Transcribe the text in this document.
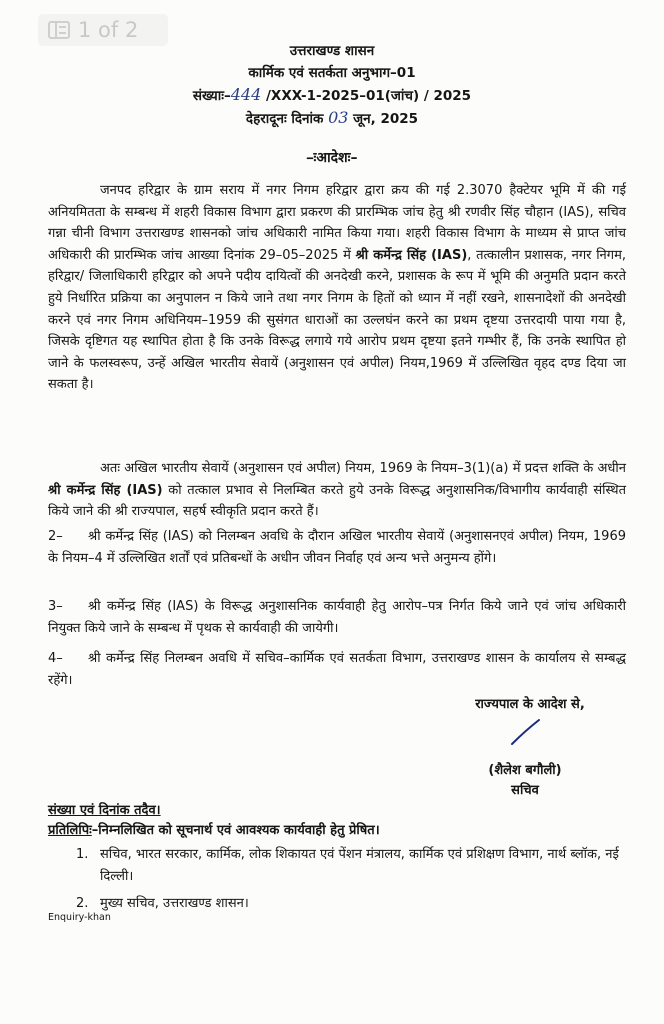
1 of 2
उत्तराखण्ड शासन
कार्मिक एवं सतर्कता अनुभाग–01
संख्याः–444 /XXX-1-2025–01(जांच) / 2025
देहरादूनः दिनांक 03 जून, 2025
–ःआदेशः–
जनपद हरिद्वार के ग्राम सराय में नगर निगम हरिद्वार द्वारा क्रय की गई 2.3070 हैक्टेयर भूमि में की गई अनियमितता के सम्बन्ध में शहरी विकास विभाग द्वारा प्रकरण की प्रारम्भिक जांच हेतु श्री रणवीर सिंह चौहान (IAS), सचिव गन्ना चीनी विभाग उत्तराखण्ड शासनको जांच अधिकारी नामित किया गया। शहरी विकास विभाग के माध्यम से प्राप्त जांच अधिकारी की प्रारम्भिक जांच आख्या दिनांक 29–05–2025 में श्री कर्मेन्द्र सिंह (IAS), तत्कालीन प्रशासक, नगर निगम, हरिद्वार/ जिलाधिकारी हरिद्वार को अपने पदीय दायित्वों की अनदेखी करने, प्रशासक के रूप में भूमि की अनुमति प्रदान करते हुये निर्धारित प्रक्रिया का अनुपालन न किये जाने तथा नगर निगम के हितों को ध्यान में नहीं रखने, शासनादेशों की अनदेखी करने एवं नगर निगम अधिनियम–1959 की सुसंगत धाराओं का उल्लघंन करने का प्रथम दृष्टया उत्तरदायी पाया गया है, जिसके दृष्टिगत यह स्थापित होता है कि उनके विरूद्ध लगाये गये आरोप प्रथम दृष्टया इतने गम्भीर हैं, कि उनके स्थापित हो जाने के फलस्वरूप, उन्हें अखिल भारतीय सेवायें (अनुशासन एवं अपील) नियम,1969 में उल्लिखित वृहद दण्ड दिया जा सकता है।
अतः अखिल भारतीय सेवायें (अनुशासन एवं अपील) नियम, 1969 के नियम–3(1)(a) में प्रदत्त शक्ति के अधीन श्री कर्मेन्द्र सिंह (IAS) को तत्काल प्रभाव से निलम्बित करते हुये उनके विरूद्ध अनुशासनिक/विभागीय कार्यवाही संस्थित किये जाने की श्री राज्यपाल, सहर्ष स्वीकृति प्रदान करते हैं।
2– श्री कर्मेन्द्र सिंह (IAS) को निलम्बन अवधि के दौरान अखिल भारतीय सेवायें (अनुशासनएवं अपील) नियम, 1969 के नियम–4 में उल्लिखित शर्तों एवं प्रतिबन्धों के अधीन जीवन निर्वाह एवं अन्य भत्ते अनुमन्य होंगे।
3– श्री कर्मेन्द्र सिंह (IAS) के विरूद्ध अनुशासनिक कार्यवाही हेतु आरोप–पत्र निर्गत किये जाने एवं जांच अधिकारी नियुक्त किये जाने के सम्बन्ध में पृथक से कार्यवाही की जायेगी।
4– श्री कर्मेन्द्र सिंह निलम्बन अवधि में सचिव–कार्मिक एवं सतर्कता विभाग, उत्तराखण्ड शासन के कार्यालय से सम्बद्ध रहेंगे।
राज्यपाल के आदेश से,
(शैलेश बगौली)
सचिव
संख्या एवं दिनांक तदैव।
प्रतिलिपिः–निम्नलिखित को सूचनार्थ एवं आवश्यक कार्यवाही हेतु प्रेषित।
1. सचिव, भारत सरकार, कार्मिक, लोक शिकायत एवं पेंशन मंत्रालय, कार्मिक एवं प्रशिक्षण विभाग, नार्थ ब्लॉक, नई दिल्ली।
2. मुख्य सचिव, उत्तराखण्ड शासन।
Enquiry-khan
